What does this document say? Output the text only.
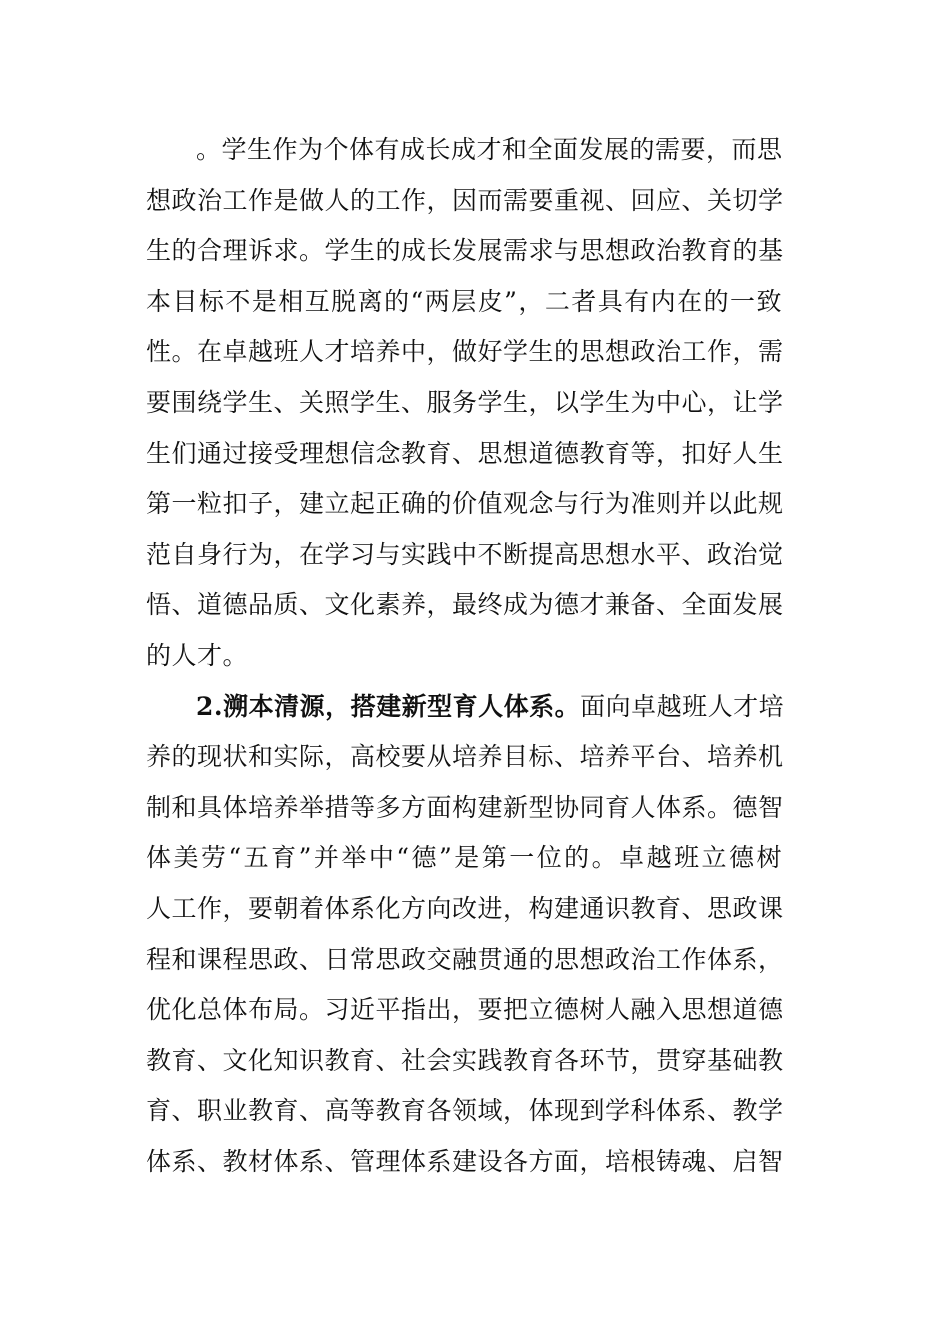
。学生作为个体有成长成才和全面发展的需要，而思
想政治工作是做人的工作，因而需要重视、回应、关切学
生的合理诉求。学生的成长发展需求与思想政治教育的基
本目标不是相互脱离的“两层皮”，二者具有内在的一致
性。在卓越班人才培养中，做好学生的思想政治工作，需
要围绕学生、关照学生、服务学生，以学生为中心，让学
生们通过接受理想信念教育、思想道德教育等，扣好人生
第一粒扣子，建立起正确的价值观念与行为准则并以此规
范自身行为，在学习与实践中不断提高思想水平、政治觉
悟、道德品质、文化素养，最终成为德才兼备、全面发展
的人才。
2.溯本清源，搭建新型育人体系。面向卓越班人才培
养的现状和实际，高校要从培养目标、培养平台、培养机
制和具体培养举措等多方面构建新型协同育人体系。德智
体美劳“五育”并举中“德”是第一位的。卓越班立德树
人工作，要朝着体系化方向改进，构建通识教育、思政课
程和课程思政、日常思政交融贯通的思想政治工作体系，
优化总体布局。习近平指出，要把立德树人融入思想道德
教育、文化知识教育、社会实践教育各环节，贯穿基础教
育、职业教育、高等教育各领域，体现到学科体系、教学
体系、教材体系、管理体系建设各方面，培根铸魂、启智
